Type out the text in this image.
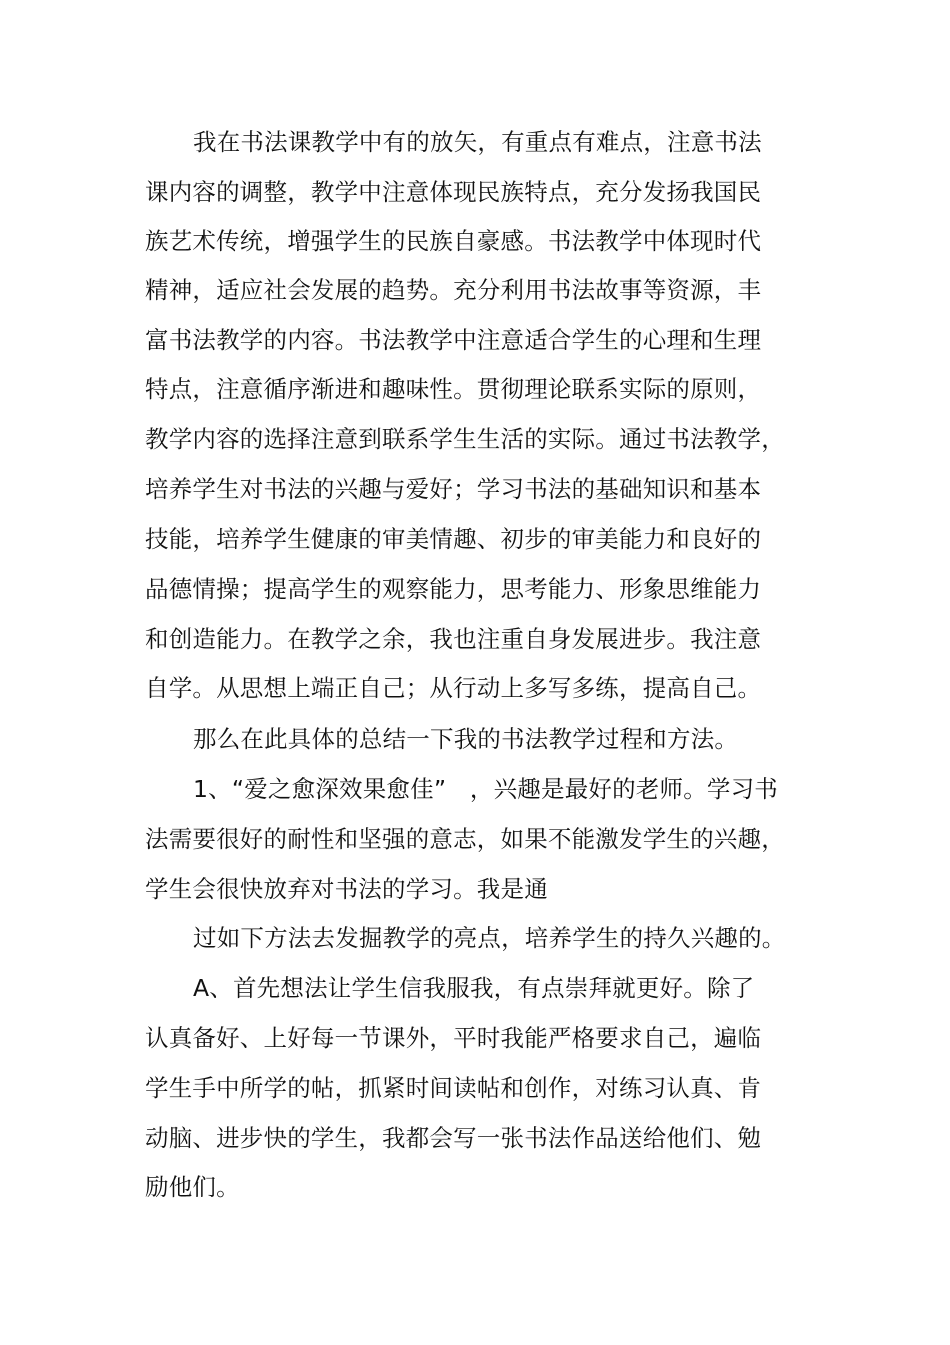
我在书法课教学中有的放矢，有重点有难点，注意书法

课内容的调整，教学中注意体现民族特点，充分发扬我国民

族艺术传统，增强学生的民族自豪感。书法教学中体现时代

精神，适应社会发展的趋势。充分利用书法故事等资源，丰

富书法教学的内容。书法教学中注意适合学生的心理和生理

特点，注意循序渐进和趣味性。贯彻理论联系实际的原则，

教学内容的选择注意到联系学生生活的实际。通过书法教学，

培养学生对书法的兴趣与爱好；学习书法的基础知识和基本

技能，培养学生健康的审美情趣、初步的审美能力和良好的

品德情操；提高学生的观察能力，思考能力、形象思维能力

和创造能力。在教学之余，我也注重自身发展进步。我注意

自学。从思想上端正自己；从行动上多写多练，提高自己。

那么在此具体的总结一下我的书法教学过程和方法。

1、“爱之愈深效果愈佳”　，兴趣是最好的老师。学习书

法需要很好的耐性和坚强的意志，如果不能激发学生的兴趣，

学生会很快放弃对书法的学习。我是通

过如下方法去发掘教学的亮点，培养学生的持久兴趣的。

A、首先想法让学生信我服我，有点崇拜就更好。除了

认真备好、上好每一节课外，平时我能严格要求自己，遍临

学生手中所学的帖，抓紧时间读帖和创作，对练习认真、肯

动脑、进步快的学生，我都会写一张书法作品送给他们、勉

励他们。
